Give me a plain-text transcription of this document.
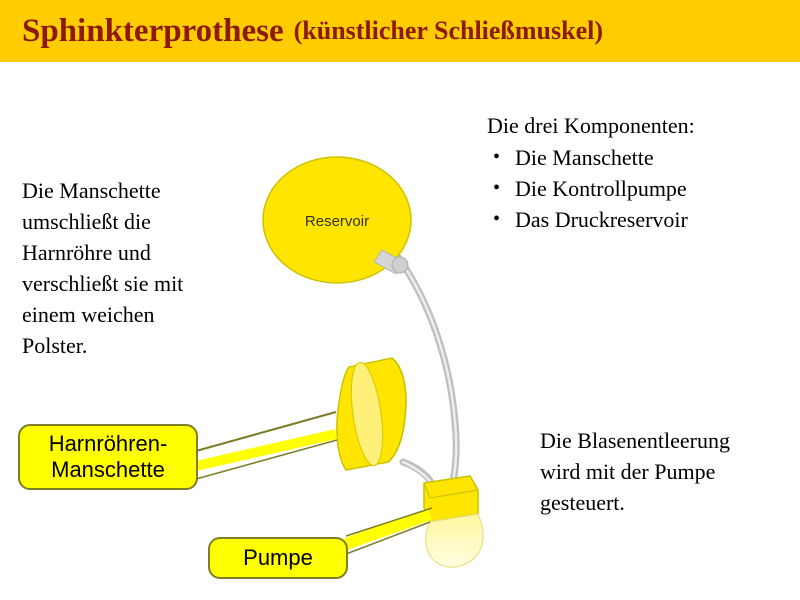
Sphinkterprothese (künstlicher Schließmuskel)
Die Manschette umschließt die Harnröhre und verschließt sie mit einem weichen Polster.
Die drei Komponenten:
• Die Manschette
• Die Kontrollpumpe
• Das Druckreservoir
Die Blasenentleerung wird mit der Pumpe gesteuert.
Reservoir
Harnröhren-
Manschette
Pumpe
